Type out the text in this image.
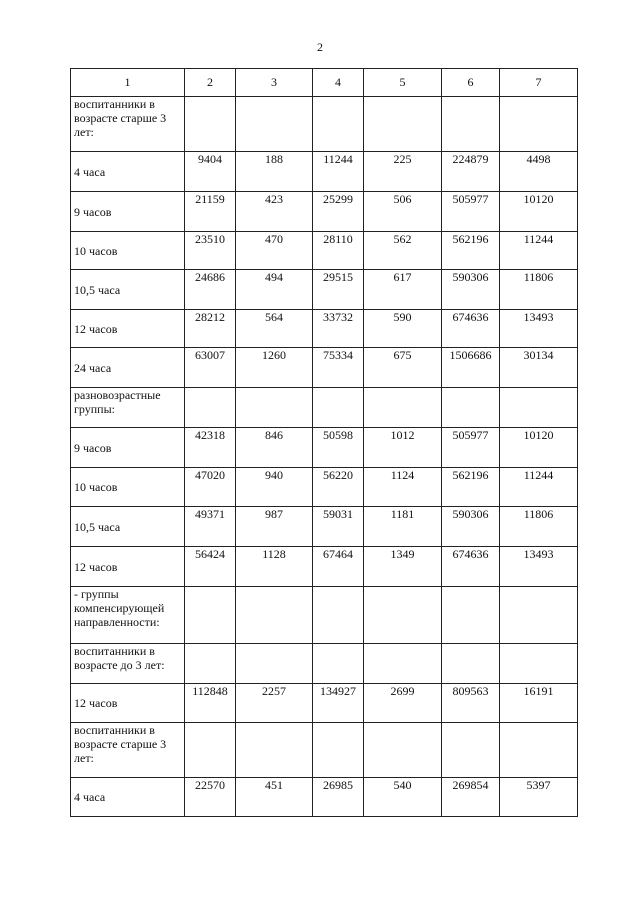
2
1	2	3	4	5	6	7
воспитанники в возрасте старше 3 лет:						
4 часа	9404	188	11244	225	224879	4498
9 часов	21159	423	25299	506	505977	10120
10 часов	23510	470	28110	562	562196	11244
10,5 часа	24686	494	29515	617	590306	11806
12 часов	28212	564	33732	590	674636	13493
24 часа	63007	1260	75334	675	1506686	30134
разновозрастные группы:						
9 часов	42318	846	50598	1012	505977	10120
10 часов	47020	940	56220	1124	562196	11244
10,5 часа	49371	987	59031	1181	590306	11806
12 часов	56424	1128	67464	1349	674636	13493
- группы компенсирующей направленности:						
воспитанники в возрасте до 3 лет:						
12 часов	112848	2257	134927	2699	809563	16191
воспитанники в возрасте старше 3 лет:						
4 часа	22570	451	26985	540	269854	5397
